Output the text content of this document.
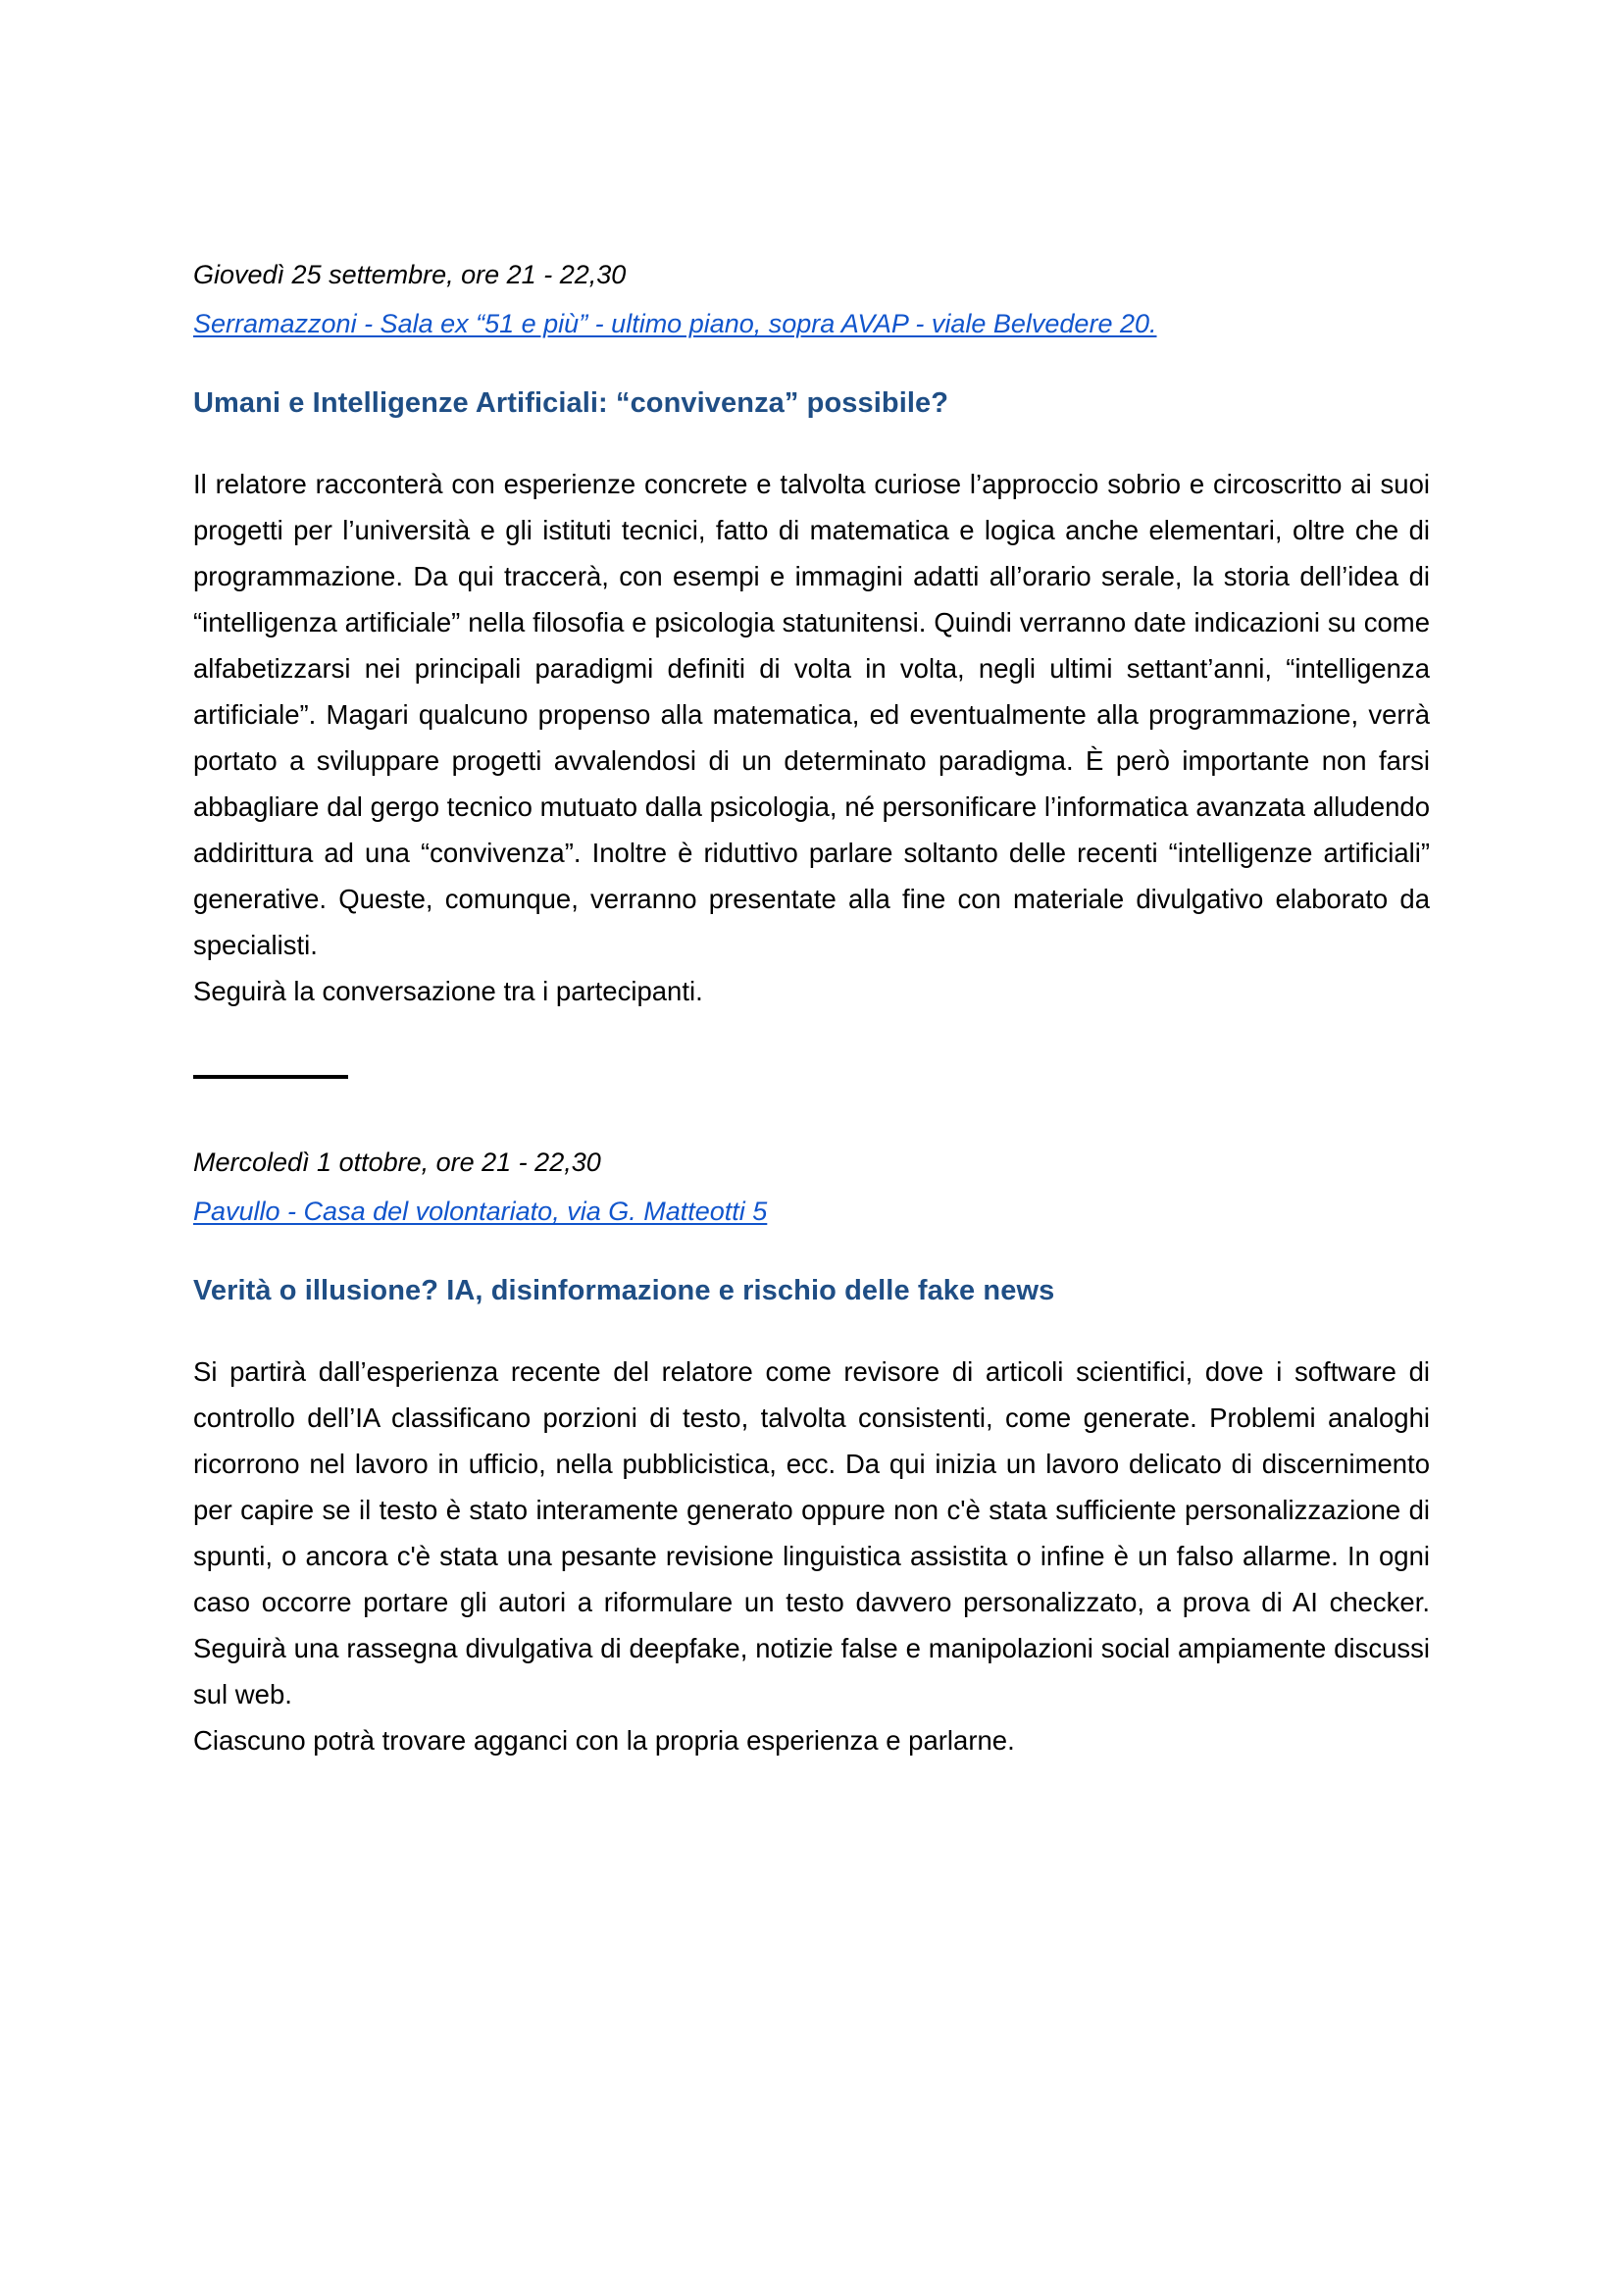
Giovedì 25 settembre, ore 21 - 22,30
Serramazzoni - Sala ex “51 e più” - ultimo piano, sopra AVAP - viale Belvedere 20.
Umani e Intelligenze Artificiali: “convivenza” possibile?
Il relatore racconterà con esperienze concrete e talvolta curiose l’approccio sobrio e circoscritto ai suoi progetti per l’università e gli istituti tecnici, fatto di matematica e logica anche elementari, oltre che di programmazione. Da qui traccerà, con esempi e immagini adatti all’orario serale, la storia dell’idea di “intelligenza artificiale” nella filosofia e psicologia statunitensi. Quindi verranno date indicazioni su come alfabetizzarsi nei principali paradigmi definiti di volta in volta, negli ultimi settant’anni, “intelligenza artificiale”. Magari qualcuno propenso alla matematica, ed eventualmente alla programmazione, verrà portato a sviluppare progetti avvalendosi di un determinato paradigma. È però importante non farsi abbagliare dal gergo tecnico mutuato dalla psicologia, né personificare l’informatica avanzata alludendo addirittura ad una “convivenza”. Inoltre è riduttivo parlare soltanto delle recenti “intelligenze artificiali” generative. Queste, comunque, verranno presentate alla fine con materiale divulgativo elaborato da specialisti.
Seguirà la conversazione tra i partecipanti.
Mercoledì 1 ottobre, ore 21 - 22,30
Pavullo - Casa del volontariato, via G. Matteotti 5
Verità o illusione? IA, disinformazione e rischio delle fake news
Si partirà dall’esperienza recente del relatore come revisore di articoli scientifici, dove i software di controllo dell’IA classificano porzioni di testo, talvolta consistenti, come generate. Problemi analoghi ricorrono nel lavoro in ufficio, nella pubblicistica, ecc. Da qui inizia un lavoro delicato di discernimento per capire se il testo è stato interamente generato oppure non c'è stata sufficiente personalizzazione di spunti, o ancora c'è stata una pesante revisione linguistica assistita o infine è un falso allarme. In ogni caso occorre portare gli autori a riformulare un testo davvero personalizzato, a prova di AI checker. Seguirà una rassegna divulgativa di deepfake, notizie false e manipolazioni social ampiamente discussi sul web.
Ciascuno potrà trovare agganci con la propria esperienza e parlarne.
